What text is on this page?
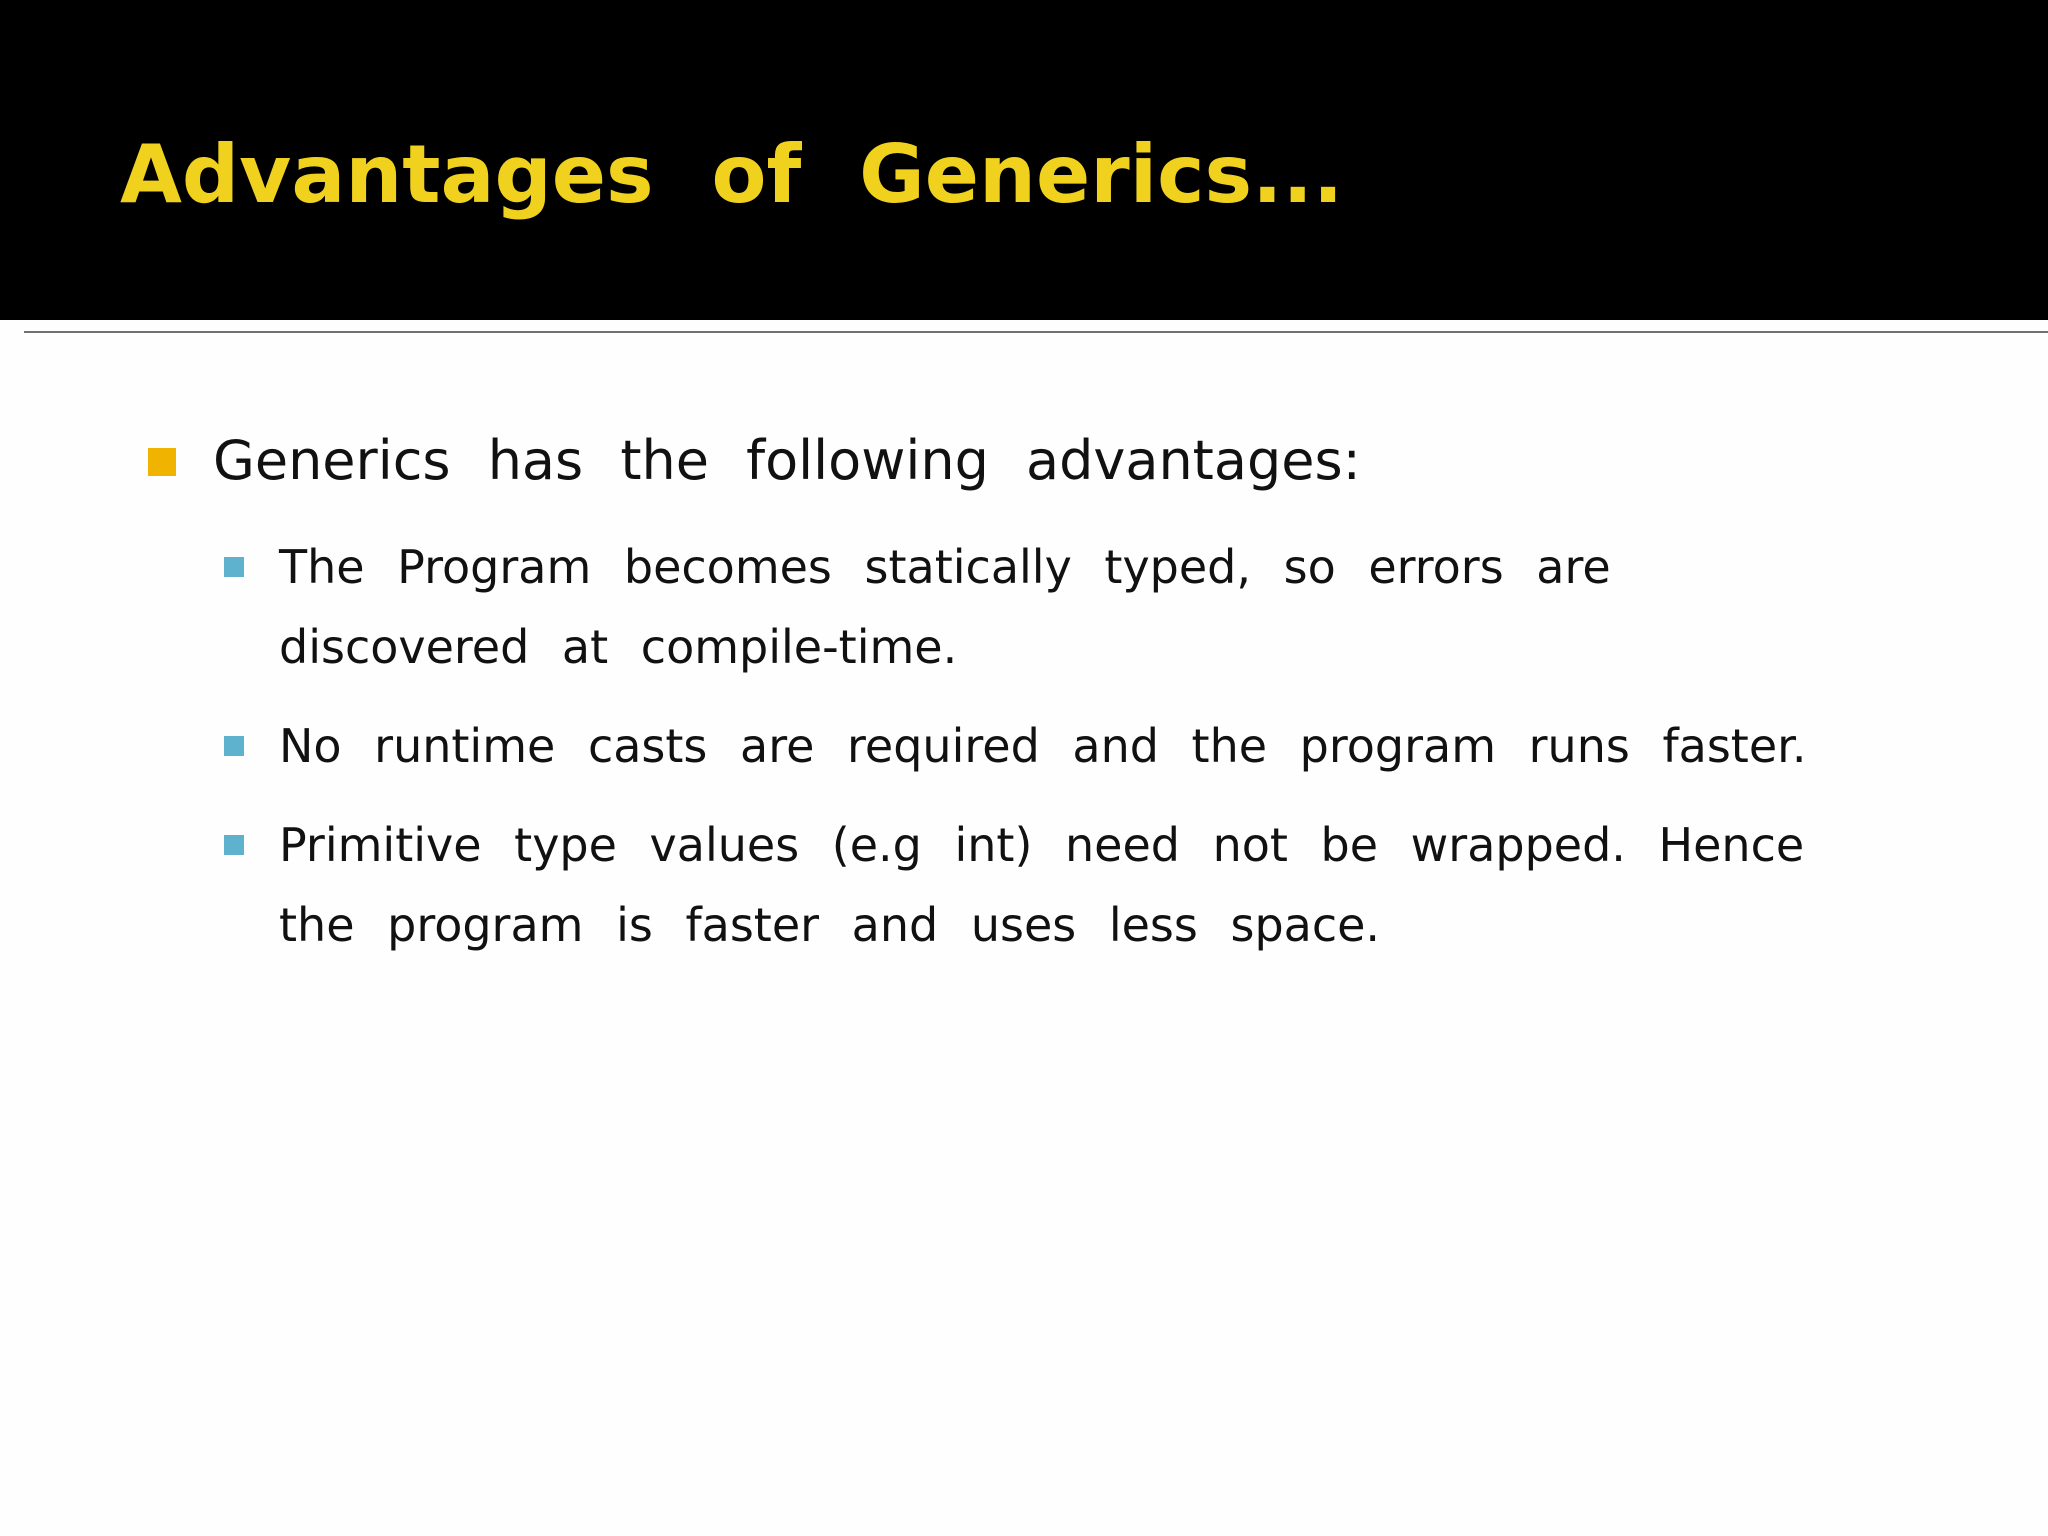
Advantages of Generics...

Generics has the following advantages:

The Program becomes statically typed, so errors are discovered at compile-time.

No runtime casts are required and the program runs faster.

Primitive type values (e.g int) need not be wrapped. Hence the program is faster and uses less space.
